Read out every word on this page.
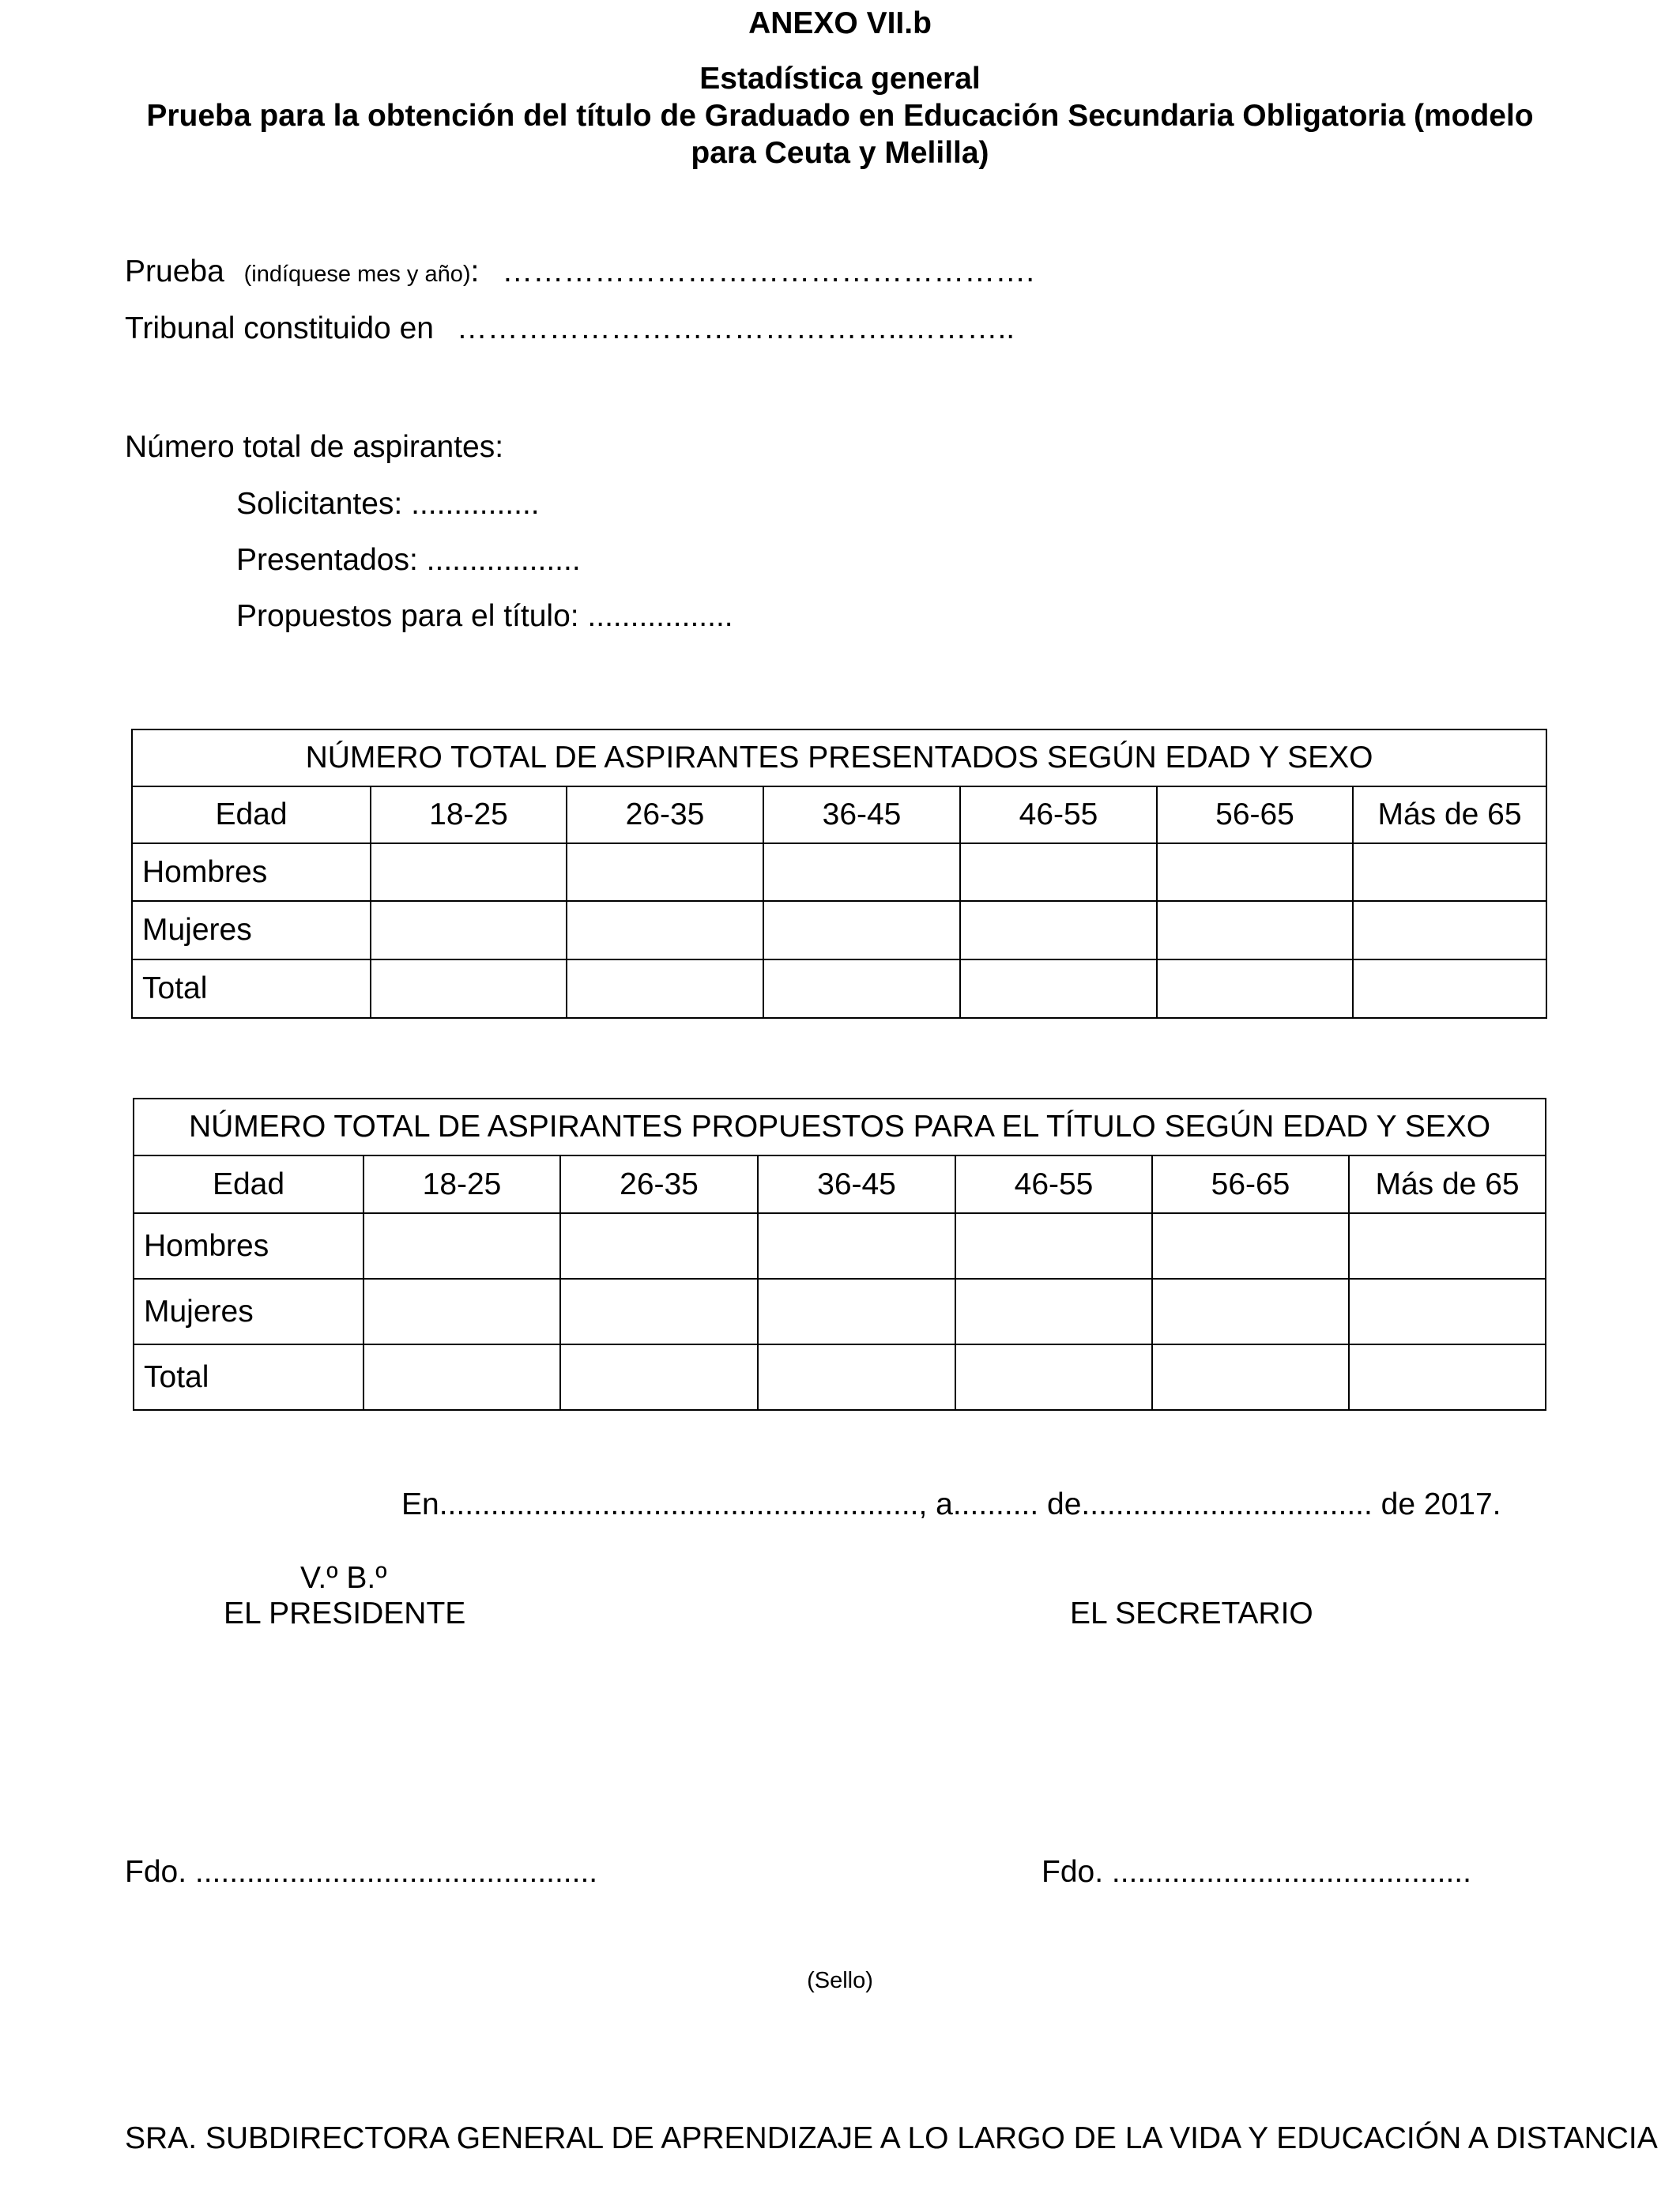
ANEXO VII.b
Estadística general
Prueba para la obtención del título de Graduado en Educación Secundaria Obligatoria (modelo
para Ceuta y Melilla)
Prueba (indíquese mes y año): …………………………………………….
Tribunal constituido en ……………………………………..………..
Número total de aspirantes:
Solicitantes: ...............
Presentados: ..................
Propuestos para el título: .................
NÚMERO TOTAL DE ASPIRANTES PRESENTADOS SEGÚN EDAD Y SEXO						
Edad	18-25	26-35	36-45	46-55	56-65	Más de 65
Hombres						
Mujeres						
Total						
NÚMERO TOTAL DE ASPIRANTES PROPUESTOS PARA EL TÍTULO SEGÚN EDAD Y SEXO						
Edad	18-25	26-35	36-45	46-55	56-65	Más de 65
Hombres						
Mujeres						
Total						
En........................................................, a.......... de.................................. de 2017.
V.º B.º
EL PRESIDENTE	EL SECRETARIO
Fdo. ...............................................	Fdo. ..........................................
(Sello)
SRA. SUBDIRECTORA GENERAL DE APRENDIZAJE A LO LARGO DE LA VIDA Y EDUCACIÓN A DISTANCIA
